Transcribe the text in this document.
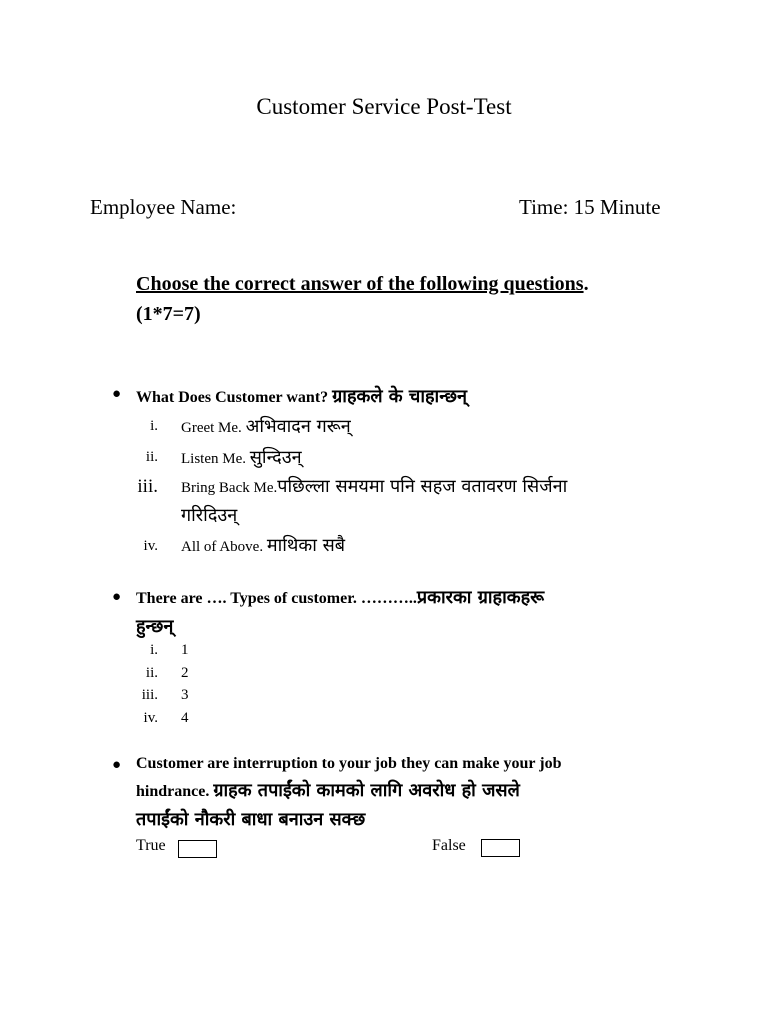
Customer Service Post-Test
Employee Name:	Time: 15 Minute
Choose the correct answer of the following questions.
(1*7=7)
● What Does Customer want? ग्राहकले के चाहान्छन्
i. Greet Me. अभिवादन गरून्
ii. Listen Me. सुन्दिउन्
iii. Bring Back Me.पछिल्ला समयमा पनि सहज वतावरण सिर्जना
गरिदिउन्
iv. All of Above. माथिका सबै
● There are …. Types of customer. ………..प्रकारका ग्राहाकहरू
हुन्छन्
i. 1
ii. 2
iii. 3
iv. 4
● Customer are interruption to your job they can make your job
hindrance. ग्राहक तपाईंको कामको लागि अवरोध हो जसले
तपाईंको नौकरी बाधा बनाउन सक्छ
True	False
